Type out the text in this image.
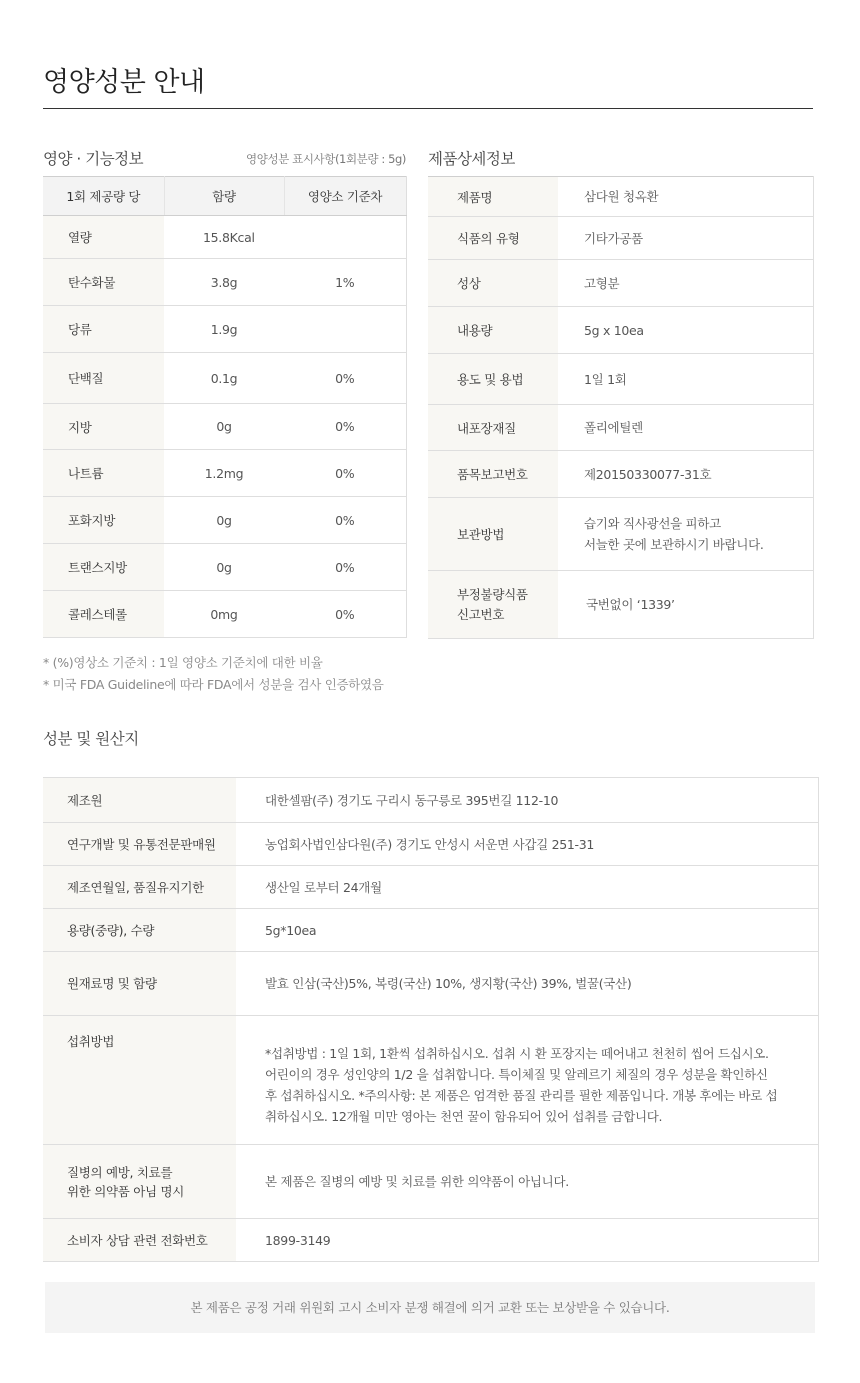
영양성분 안내
영양 · 기능정보	영양성분 표시사항(1회분량 : 5g)
1회 제공량 당	함량	영양소 기준차
열량	15.8Kcal	
탄수화물	3.8g	1%
당류	1.9g	
단백질	0.1g	0%
지방	0g	0%
나트륨	1.2mg	0%
포화지방	0g	0%
트랜스지방	0g	0%
콜레스테롤	0mg	0%
제품상세정보
제품명	삼다원 청옥환
식품의 유형	기타가공품
성상	고형분
내용량	5g x 10ea
용도 및 용법	1일 1회
내포장재질	폴리에틸렌
품목보고번호	제20150330077-31호
보관방법	습기와 직사광선을 피하고
서늘한 곳에 보관하시기 바랍니다.

부정불량식품
신고번호	국번없이 ‘1339’
* (%)영상소 기준치 : 1일 영양소 기준치에 대한 비율
* 미국 FDA Guideline에 따라 FDA에서 성분을 검사 인증하였음
성분 및 원산지
제조원	대한셀팜(주) 경기도 구리시 동구릉로 395번길 112-10
연구개발 및 유통전문판매원	농업회사법인삼다원(주) 경기도 안성시 서운면 사갑길 251-31
제조연월일, 품질유지기한	생산일 로부터 24개월
용량(중량), 수량	5g*10ea
원재료명 및 함량	발효 인삼(국산)5%, 복령(국산) 10%, 생지황(국산) 39%, 벌꿀(국산)
섭취방법	*섭취방법 : 1일 1회, 1환씩 섭취하십시오. 섭취 시 환 포장지는 떼어내고 천천히 씹어 드십시오. 어린이의 경우 성인양의 1/2 을 섭취합니다. 특이체질 및 알레르기 체질의 경우 성분을 확인하신 후 섭취하십시오. *주의사항: 본 제품은 엄격한 품질 관리를 필한 제품입니다. 개봉 후에는 바로 섭취하십시오. 12개월 미만 영아는 천연 꿀이 함유되어 있어 섭취를 금합니다.

질병의 예방, 치료를
위한 의약품 아님 명시	본 제품은 질병의 예방 및 치료를 위한 의약품이 아닙니다.
소비자 상담 관련 전화번호	1899-3149
본 제품은 공정 거래 위원회 고시 소비자 분쟁 해결에 의거 교환 또는 보상받을 수 있습니다.
